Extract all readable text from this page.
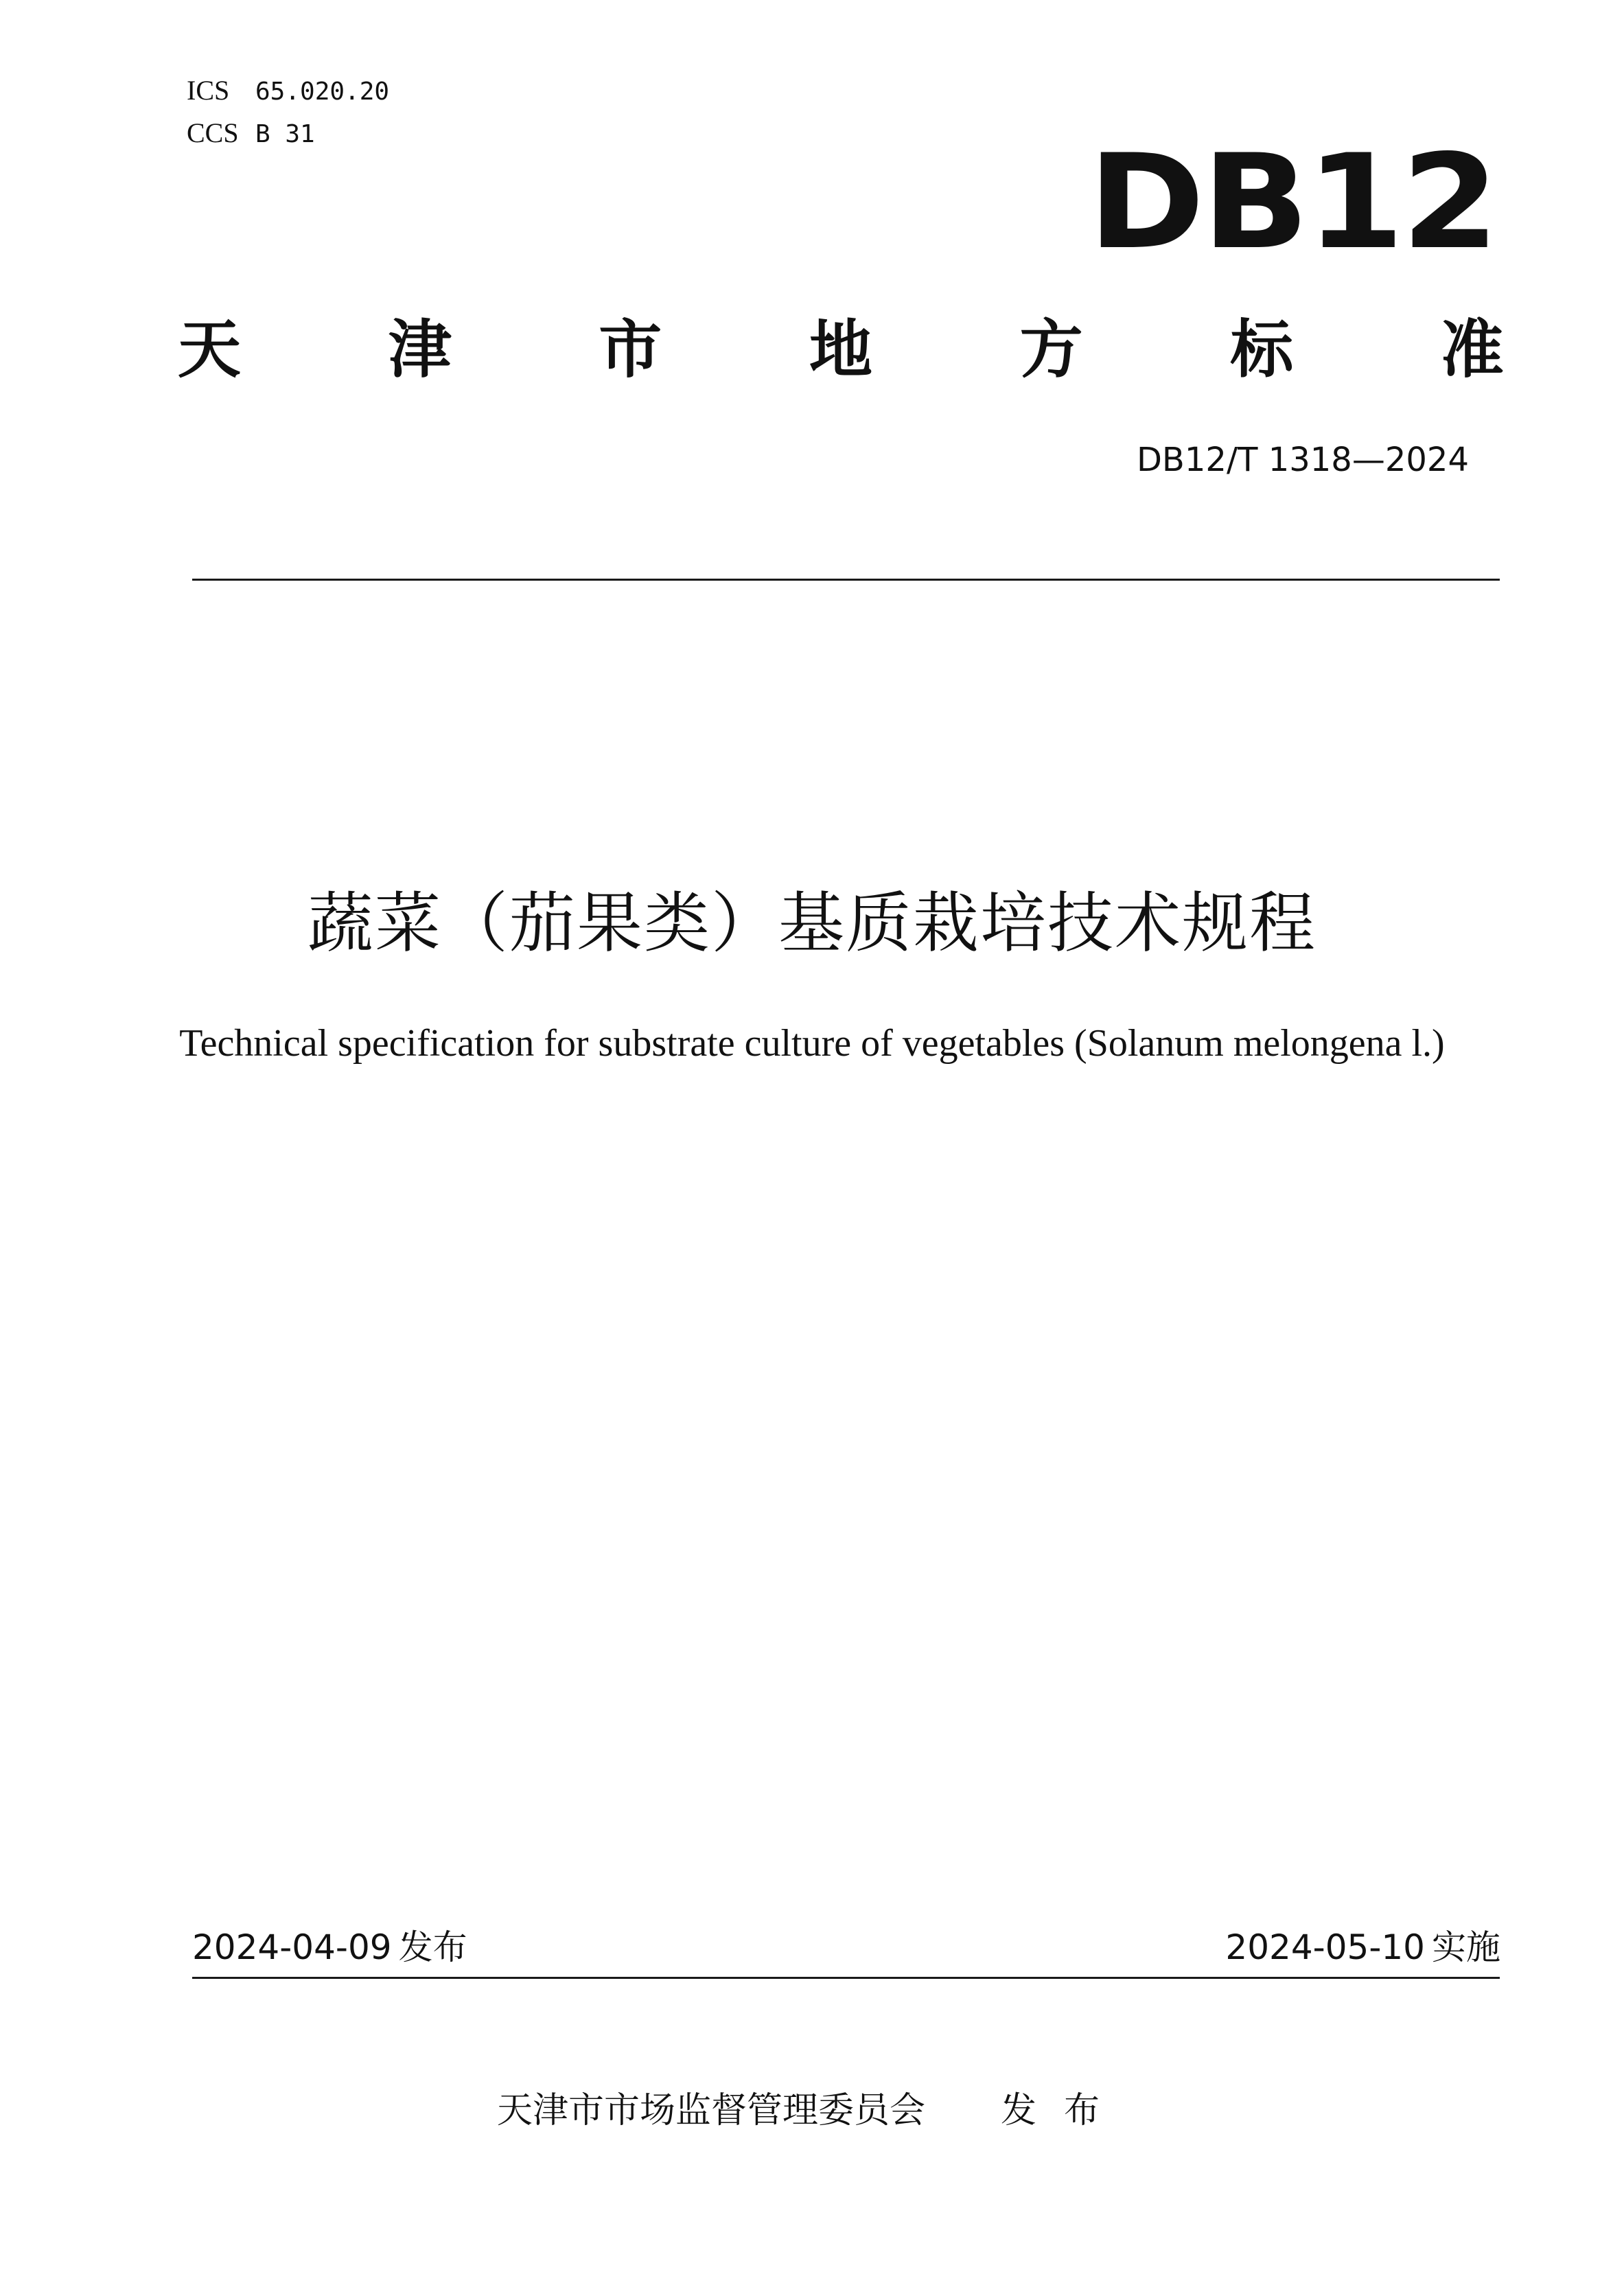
ICS	65.020.20
CCS B 31	DB12
天 津 市 地 方 标 准
DB12/T 1318—2024
蔬菜（茄果类）基质栽培技术规程
Technical specification for substrate culture of vegetables (Solanum melongena l.)
2024-04-09 发布	2024-05-10 实施
天津市市场监督管理委员会 发布
